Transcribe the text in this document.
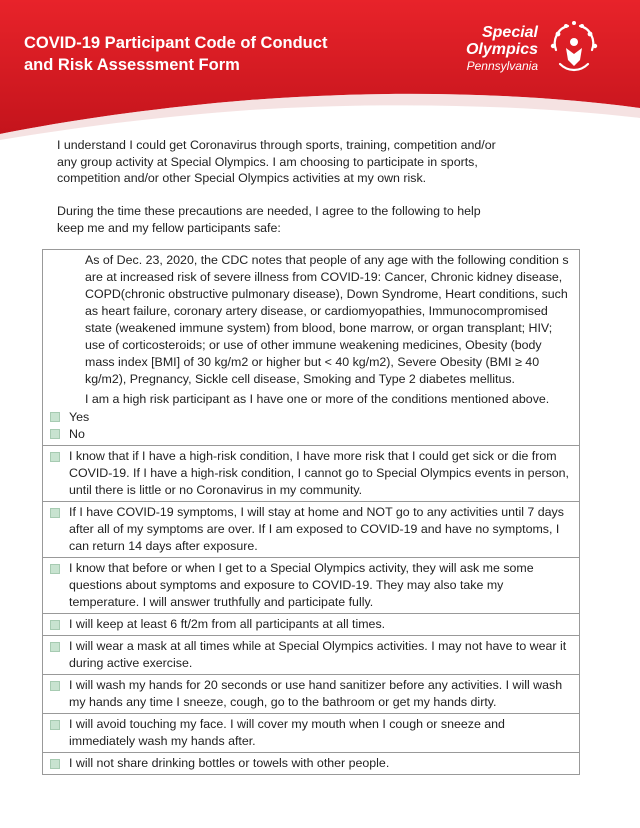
COVID-19 Participant Code of Conduct
and Risk Assessment Form
Special
Olympics
Pennsylvania

I understand I could get Coronavirus through sports, training, competition and/or any group activity at Special Olympics. I am choosing to participate in sports, competition and/or other Special Olympics activities at my own risk.

During the time these precautions are needed, I agree to the following to help keep me and my fellow participants safe:

As of Dec. 23, 2020, the CDC notes that people of any age with the following condition s are at increased risk of severe illness from COVID-19: Cancer, Chronic kidney disease, COPD(chronic obstructive pulmonary disease), Down Syndrome, Heart conditions, such as heart failure, coronary artery disease, or cardiomyopathies, Immunocompromised state (weakened immune system) from blood, bone marrow, or organ transplant; HIV; use of corticosteroids; or use of other immune weakening medicines, Obesity (body mass index [BMI] of 30 kg/m2 or higher but < 40 kg/m2), Severe Obesity (BMI ≥ 40 kg/m2), Pregnancy, Sickle cell disease, Smoking and Type 2 diabetes mellitus.
I am a high risk participant as I have one or more of the conditions mentioned above.
Yes
No
I know that if I have a high-risk condition, I have more risk that I could get sick or die from COVID-19. If I have a high-risk condition, I cannot go to Special Olympics events in person, until there is little or no Coronavirus in my community.
If I have COVID-19 symptoms, I will stay at home and NOT go to any activities until 7 days after all of my symptoms are over. If I am exposed to COVID-19 and have no symptoms, I can return 14 days after exposure.
I know that before or when I get to a Special Olympics activity, they will ask me some questions about symptoms and exposure to COVID-19. They may also take my temperature. I will answer truthfully and participate fully.
I will keep at least 6 ft/2m from all participants at all times.
I will wear a mask at all times while at Special Olympics activities. I may not have to wear it during active exercise.
I will wash my hands for 20 seconds or use hand sanitizer before any activities. I will wash my hands any time I sneeze, cough, go to the bathroom or get my hands dirty.
I will avoid touching my face. I will cover my mouth when I cough or sneeze and immediately wash my hands after.
I will not share drinking bottles or towels with other people.
